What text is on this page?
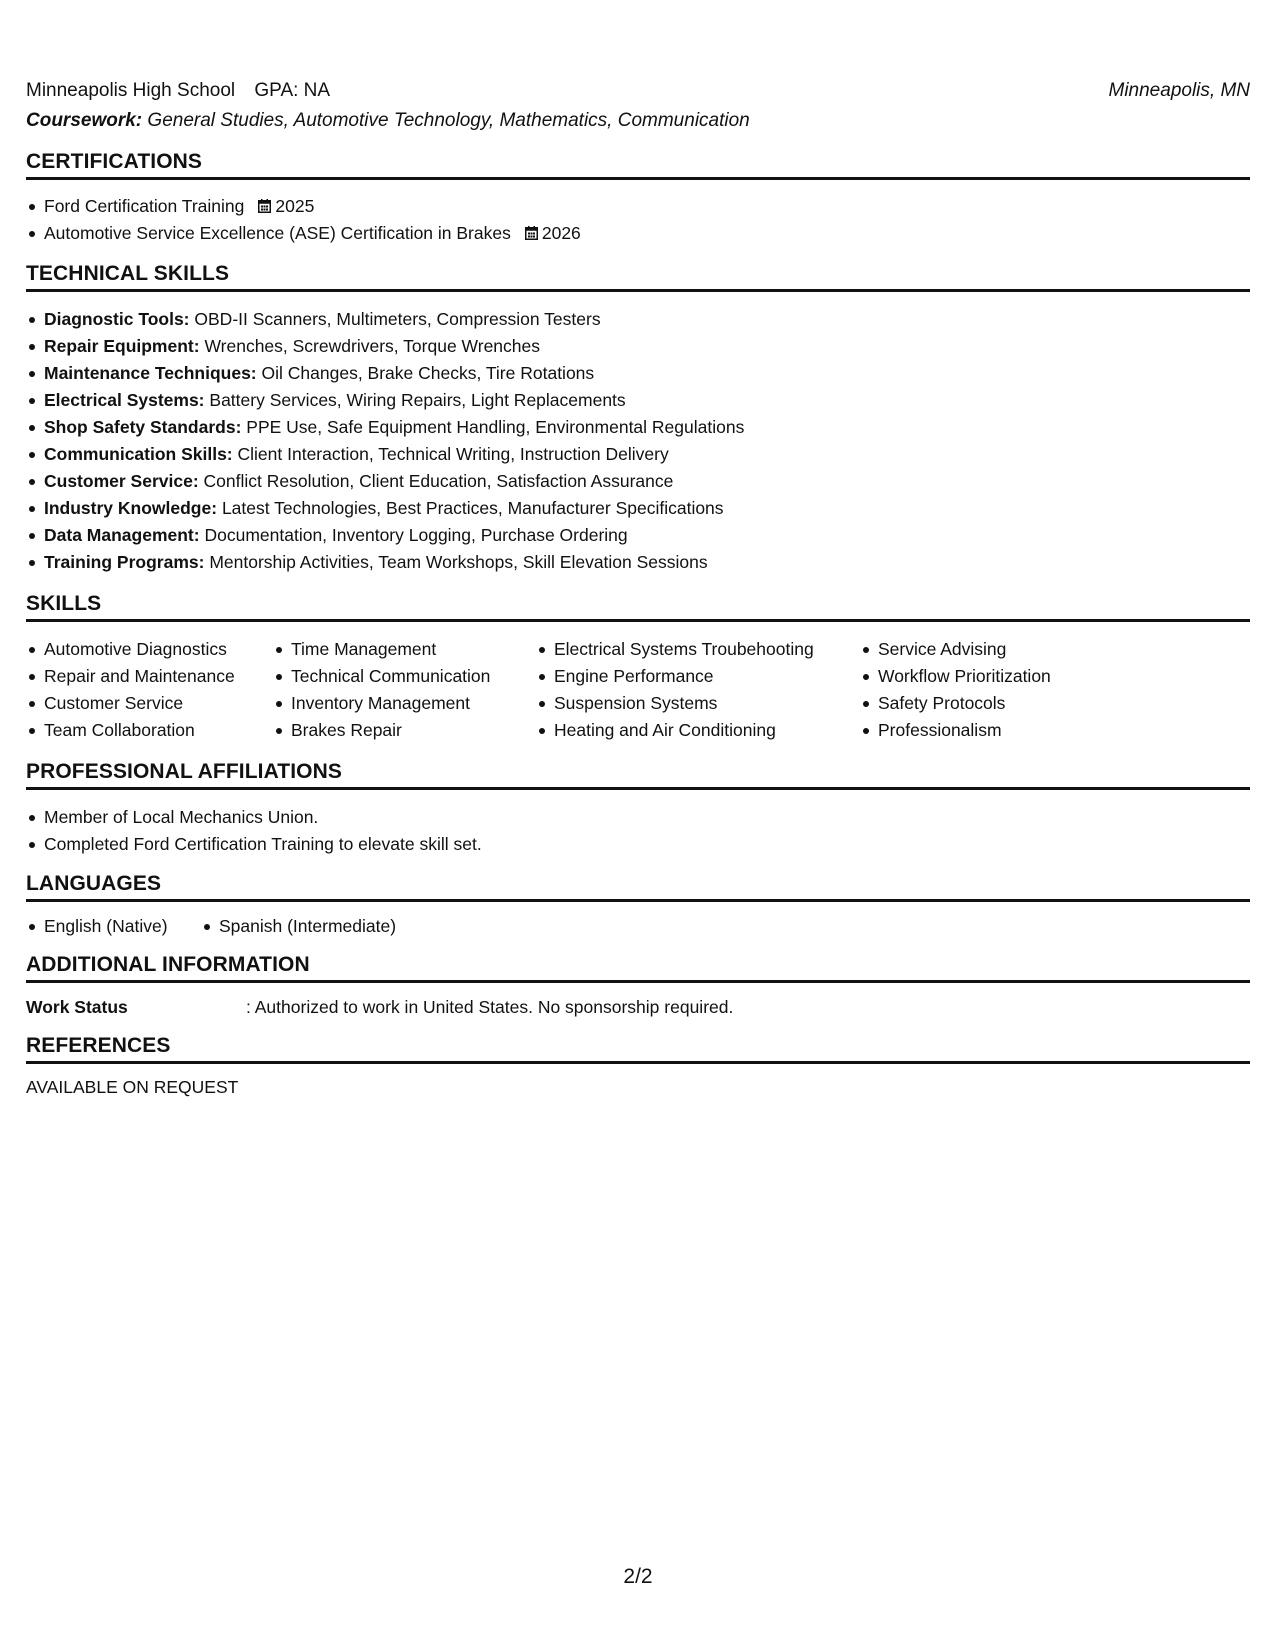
Minneapolis High School GPA: NA	Minneapolis, MN
Coursework: General Studies, Automotive Technology, Mathematics, Communication
CERTIFICATIONS
Ford Certification Training 2025
Automotive Service Excellence (ASE) Certification in Brakes 2026
TECHNICAL SKILLS
Diagnostic Tools: OBD-II Scanners, Multimeters, Compression Testers
Repair Equipment: Wrenches, Screwdrivers, Torque Wrenches
Maintenance Techniques: Oil Changes, Brake Checks, Tire Rotations
Electrical Systems: Battery Services, Wiring Repairs, Light Replacements
Shop Safety Standards: PPE Use, Safe Equipment Handling, Environmental Regulations
Communication Skills: Client Interaction, Technical Writing, Instruction Delivery
Customer Service: Conflict Resolution, Client Education, Satisfaction Assurance
Industry Knowledge: Latest Technologies, Best Practices, Manufacturer Specifications
Data Management: Documentation, Inventory Logging, Purchase Ordering
Training Programs: Mentorship Activities, Team Workshops, Skill Elevation Sessions
SKILLS
Automotive Diagnostics
Repair and Maintenance
Customer Service
Team Collaboration
Time Management
Technical Communication
Inventory Management
Brakes Repair
Electrical Systems Troubehooting
Engine Performance
Suspension Systems
Heating and Air Conditioning
Service Advising
Workflow Prioritization
Safety Protocols
Professionalism
PROFESSIONAL AFFILIATIONS
Member of Local Mechanics Union.
Completed Ford Certification Training to elevate skill set.
LANGUAGES
English (Native)	Spanish (Intermediate)
ADDITIONAL INFORMATION
Work Status	: Authorized to work in United States. No sponsorship required.
REFERENCES
AVAILABLE ON REQUEST
2/2
